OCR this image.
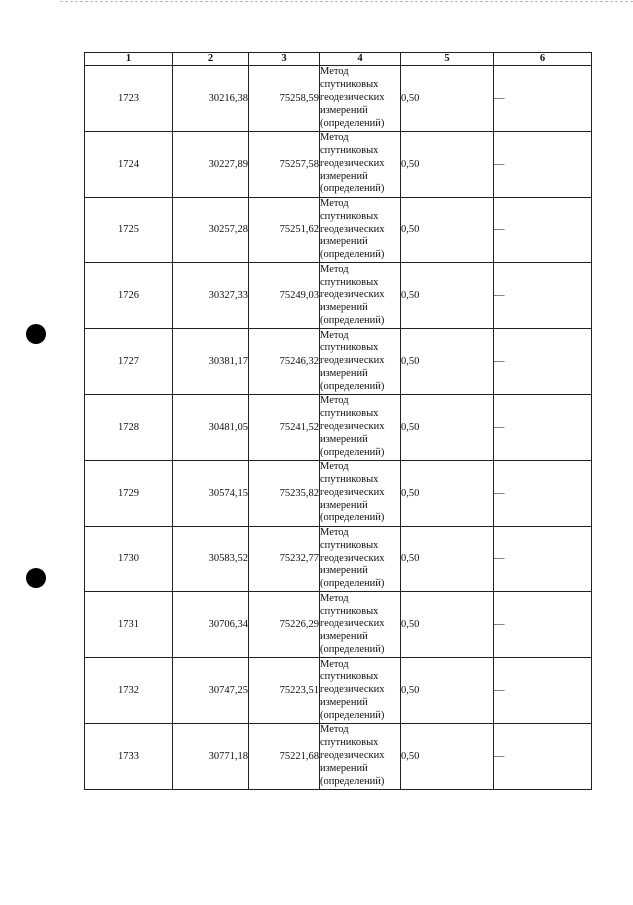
1	2	3	4	5	6
1723	30216,38	75258,59	Метод
спутниковых
геодезических
измерений
(определений)	0,50	—
1724	30227,89	75257,58	Метод
спутниковых
геодезических
измерений
(определений)	0,50	—
1725	30257,28	75251,62	Метод
спутниковых
геодезических
измерений
(определений)	0,50	—
1726	30327,33	75249,03	Метод
спутниковых
геодезических
измерений
(определений)	0,50	—
1727	30381,17	75246,32	Метод
спутниковых
геодезических
измерений
(определений)	0,50	—
1728	30481,05	75241,52	Метод
спутниковых
геодезических
измерений
(определений)	0,50	—
1729	30574,15	75235,82	Метод
спутниковых
геодезических
измерений
(определений)	0,50	—
1730	30583,52	75232,77	Метод
спутниковых
геодезических
измерений
(определений)	0,50	—
1731	30706,34	75226,29	Метод
спутниковых
геодезических
измерений
(определений)	0,50	—
1732	30747,25	75223,51	Метод
спутниковых
геодезических
измерений
(определений)	0,50	—
1733	30771,18	75221,68	Метод
спутниковых
геодезических
измерений
(определений)	0,50	—
